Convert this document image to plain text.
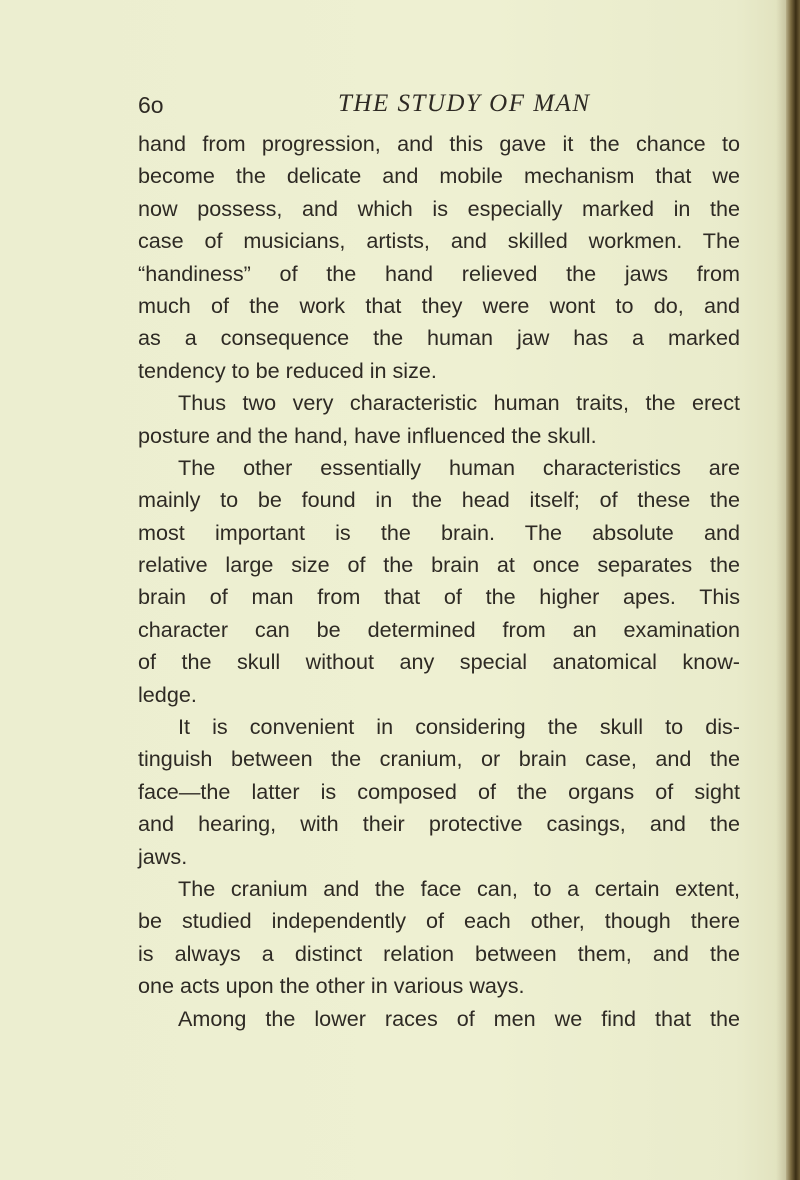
6o	THE STUDY OF MAN
hand from progression, and this gave it the chance to
become the delicate and mobile mechanism that we
now possess, and which is especially marked in the
case of musicians, artists, and skilled workmen. The
“handiness” of the hand relieved the jaws from
much of the work that they were wont to do, and
as a consequence the human jaw has a marked
tendency to be reduced in size.
Thus two very characteristic human traits, the erect
posture and the hand, have influenced the skull.
The other essentially human characteristics are
mainly to be found in the head itself; of these the
most important is the brain. The absolute and
relative large size of the brain at once separates the
brain of man from that of the higher apes. This
character can be determined from an examination
of the skull without any special anatomical know-
ledge.
It is convenient in considering the skull to dis-
tinguish between the cranium, or brain case, and the
face—the latter is composed of the organs of sight
and hearing, with their protective casings, and the
jaws.
The cranium and the face can, to a certain extent,
be studied independently of each other, though there
is always a distinct relation between them, and the
one acts upon the other in various ways.
Among the lower races of men we find that the
